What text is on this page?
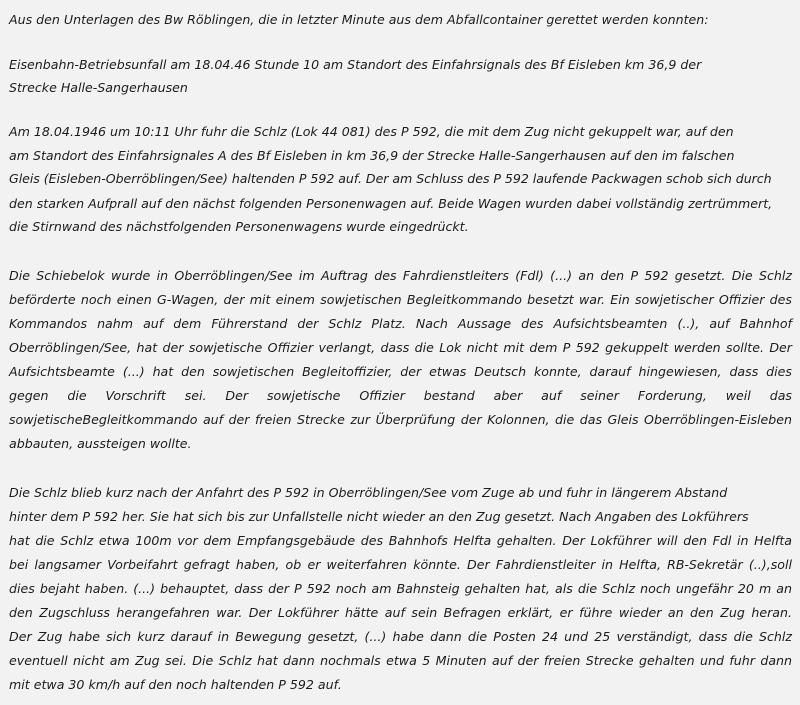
Aus den Unterlagen des Bw Röblingen, die in letzter Minute aus dem Abfallcontainer gerettet werden konnten:
Eisenbahn-Betriebsunfall am 18.04.46 Stunde 10 am Standort des Einfahrsignals des Bf Eisleben km 36,9 der
Strecke Halle-Sangerhausen
Am 18.04.1946 um 10:11 Uhr fuhr die Schlz (Lok 44 081) des P 592, die mit dem Zug nicht gekuppelt war, auf den
am Standort des Einfahrsignales A des Bf Eisleben in km 36,9 der Strecke Halle-Sangerhausen auf den im falschen
Gleis (Eisleben-Oberröblingen/See) haltenden P 592 auf. Der am Schluss des P 592 laufende Packwagen schob sich durch
den starken Aufprall auf den nächst folgenden Personenwagen auf. Beide Wagen wurden dabei vollständig zertrümmert,
die Stirnwand des nächstfolgenden Personenwagens wurde eingedrückt.
Die Schiebelok wurde in Oberröblingen/See im Auftrag des Fahrdienstleiters (Fdl) (...) an den P 592 gesetzt. Die Schlz
beförderte noch einen G-Wagen, der mit einem sowjetischen Begleitkommando besetzt war. Ein sowjetischer Offizier des
Kommandos nahm auf dem Führerstand der Schlz Platz. Nach Aussage des Aufsichtsbeamten (..), auf Bahnhof
Oberröblingen/See, hat der sowjetische Offizier verlangt, dass die Lok nicht mit dem P 592 gekuppelt werden sollte. Der
Aufsichtsbeamte (...) hat den sowjetischen Begleitoffizier, der etwas Deutsch konnte, darauf hingewiesen, dass dies
gegen die Vorschrift sei. Der sowjetische Offizier bestand aber auf seiner Forderung, weil das
sowjetischeBegleitkommando auf der freien Strecke zur Überprüfung der Kolonnen, die das Gleis Oberröblingen-Eisleben
abbauten, aussteigen wollte.
Die Schlz blieb kurz nach der Anfahrt des P 592 in Oberröblingen/See vom Zuge ab und fuhr in längerem Abstand
hinter dem P 592 her. Sie hat sich bis zur Unfallstelle nicht wieder an den Zug gesetzt. Nach Angaben des Lokführers
hat die Schlz etwa 100m vor dem Empfangsgebäude des Bahnhofs Helfta gehalten. Der Lokführer will den Fdl in Helfta
bei langsamer Vorbeifahrt gefragt haben, ob er weiterfahren könnte. Der Fahrdienstleiter in Helfta, RB-Sekretär (..),soll
dies bejaht haben. (...) behauptet, dass der P 592 noch am Bahnsteig gehalten hat, als die Schlz noch ungefähr 20 m an
den Zugschluss herangefahren war. Der Lokführer hätte auf sein Befragen erklärt, er führe wieder an den Zug heran.
Der Zug habe sich kurz darauf in Bewegung gesetzt, (...) habe dann die Posten 24 und 25 verständigt, dass die Schlz
eventuell nicht am Zug sei. Die Schlz hat dann nochmals etwa 5 Minuten auf der freien Strecke gehalten und fuhr dann
mit etwa 30 km/h auf den noch haltenden P 592 auf.
